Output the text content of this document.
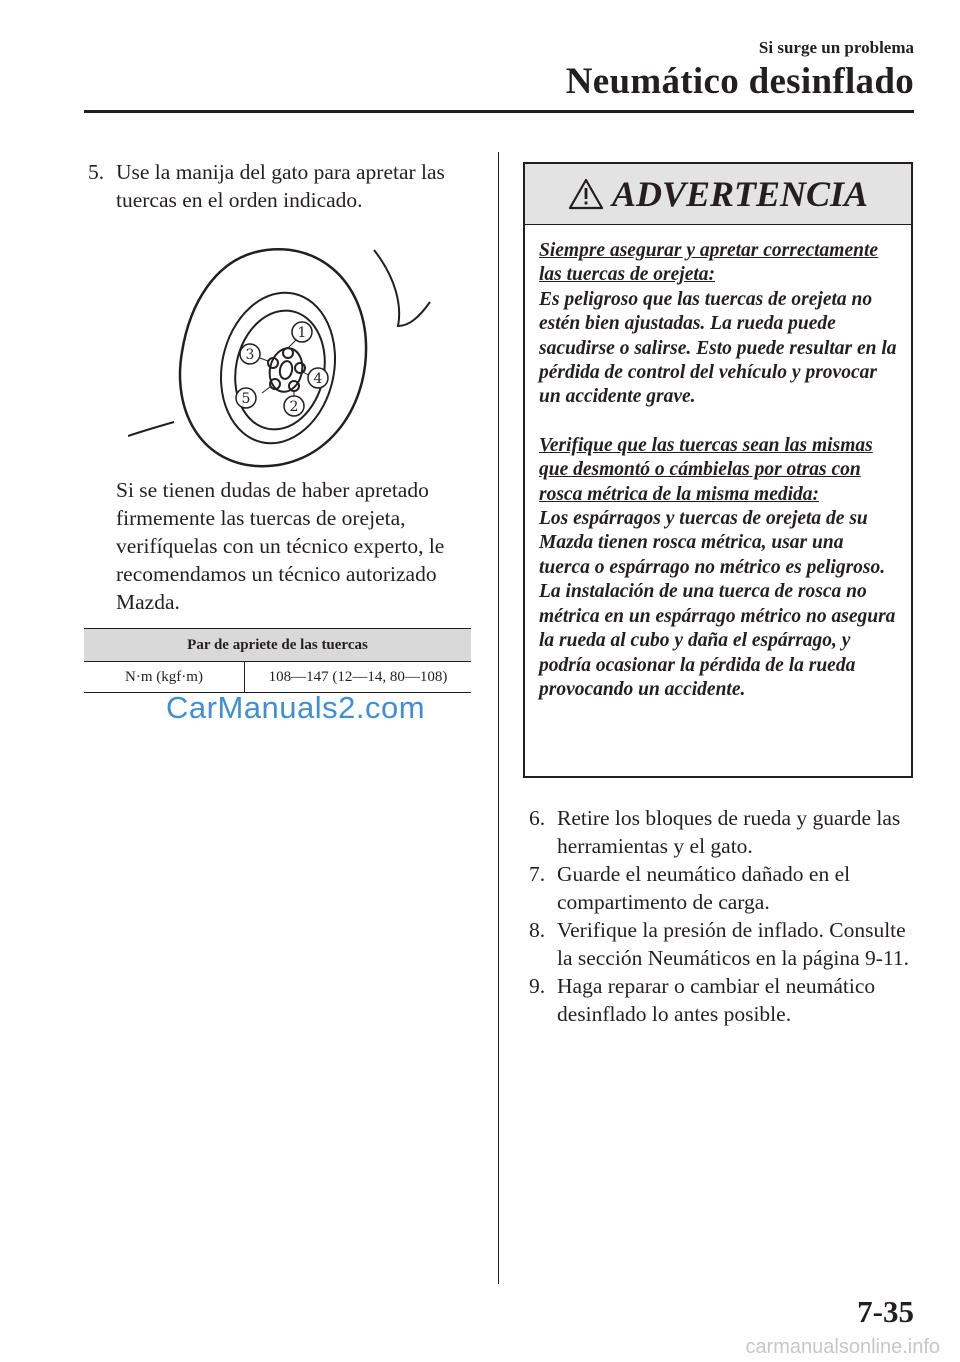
Si surge un problema
Neumático desinflado
5. Use la manija del gato para apretar las tuercas en el orden indicado.
1
2
3
4
5
Si se tienen dudas de haber apretado firmemente las tuercas de orejeta, verifíquelas con un técnico experto, le recomendamos un técnico autorizado Mazda.
Par de apriete de las tuercas
N·m (kgf·m)	108—147 (12—14, 80—108)
CarManuals2.com
ADVERTENCIA

Siempre asegurar y apretar correctamente las tuercas de orejeta:

Es peligroso que las tuercas de orejeta no estén bien ajustadas. La rueda puede sacudirse o salirse. Esto puede resultar en la pérdida de control del vehículo y provocar un accidente grave.

Verifique que las tuercas sean las mismas que desmontó o cámbielas por otras con rosca métrica de la misma medida:

Los espárragos y tuercas de orejeta de su Mazda tienen rosca métrica, usar una tuerca o espárrago no métrico es peligroso. La instalación de una tuerca de rosca no métrica en un espárrago métrico no asegura la rueda al cubo y daña el espárrago, y podría ocasionar la pérdida de la rueda provocando un accidente.

6. Retire los bloques de rueda y guarde las herramientas y el gato.
7. Guarde el neumático dañado en el compartimento de carga.
8. Verifique la presión de inflado. Consulte la sección Neumáticos en la página 9-11.
9. Haga reparar o cambiar el neumático desinflado lo antes posible.
7-35
carmanualsonline.info
